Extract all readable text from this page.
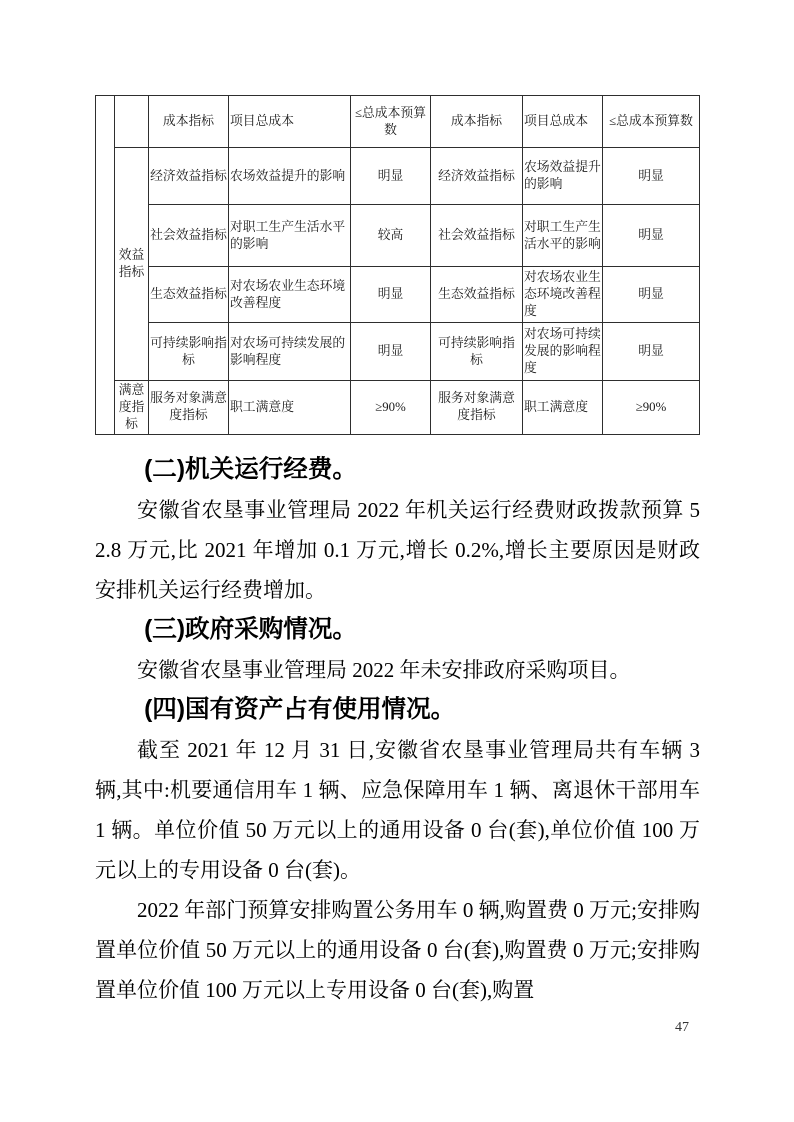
		成本指标	项目总成本	≤总成本预算数	成本指标	项目总成本	≤总成本预算数
	效益指标	经济效益指标	农场效益提升的影响	明显	经济效益指标	农场效益提升的影响	明显
		社会效益指标	对职工生产生活水平的影响	较高	社会效益指标	对职工生产生活水平的影响	明显
		生态效益指标	对农场农业生态环境改善程度	明显	生态效益指标	对农场农业生态环境改善程度	明显
		可持续影响指标	对农场可持续发展的影响程度	明显	可持续影响指标	对农场可持续发展的影响程度	明显
	满意度指标	服务对象满意度指标	职工满意度	≥90%	服务对象满意度指标	职工满意度	≥90%
(二)机关运行经费。

安徽省农垦事业管理局 2022 年机关运行经费财政拨款预算 52.8 万元,比 2021 年增加 0.1 万元,增长 0.2%,增长主要原因是财政安排机关运行经费增加。

(三)政府采购情况。

安徽省农垦事业管理局 2022 年未安排政府采购项目。

(四)国有资产占有使用情况。

截至 2021 年 12 月 31 日,安徽省农垦事业管理局共有车辆 3 辆,其中:机要通信用车 1 辆、应急保障用车 1 辆、离退休干部用车 1 辆。单位价值 50 万元以上的通用设备 0 台(套),单位价值 100 万元以上的专用设备 0 台(套)。

2022 年部门预算安排购置公务用车 0 辆,购置费 0 万元;安排购置单位价值 50 万元以上的通用设备 0 台(套),购置费 0 万元;安排购置单位价值 100 万元以上专用设备 0 台(套),购置

47
